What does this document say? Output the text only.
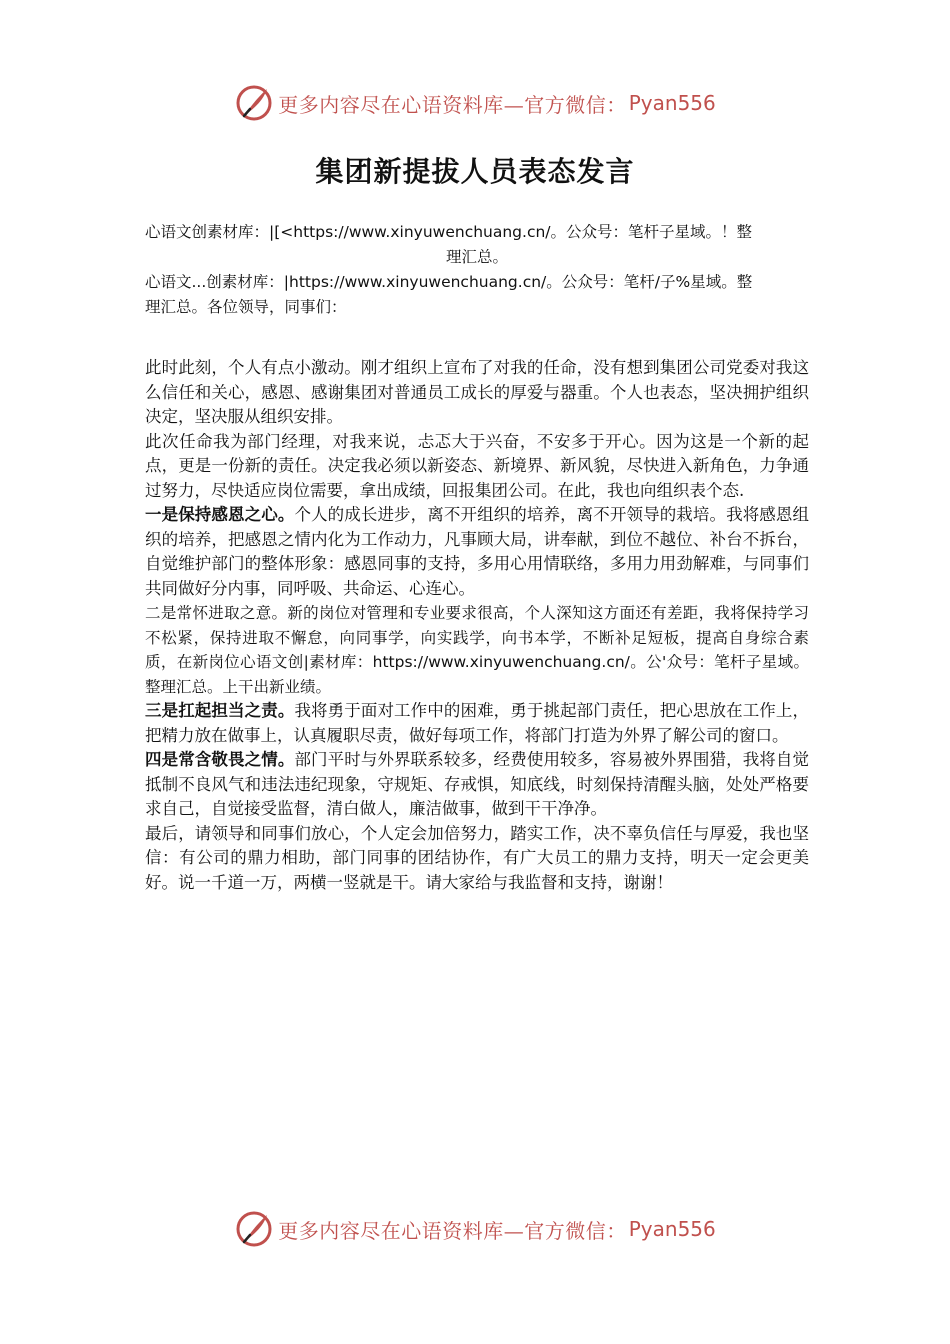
更多内容尽在心语资料库—官方微信： Pyan556
集团新提拔人员表态发言

心语文创素材库：|[<https://www.xinyuwenchuang.cn/。公众号：笔杆子星域。！整

理汇总。

心语文...创素材库：|https://www.xinyuwenchuang.cn/。公众号：笔杆/子%星域。整

理汇总。各位领导，同事们：

此时此刻，个人有点小激动。刚才组织上宣布了对我的任命，没有想到集团公司党委对我这么信任和关心，感恩、感谢集团对普通员工成长的厚爱与器重。个人也表态，坚决拥护组织决定，坚决服从组织安排。

此次任命我为部门经理，对我来说，忐忑大于兴奋，不安多于开心。因为这是一个新的起点，更是一份新的责任。决定我必须以新姿态、新境界、新风貌，尽快进入新角色，力争通过努力，尽快适应岗位需要，拿出成绩，回报集团公司。在此，我也向组织表个态.

一是保持感恩之心。个人的成长进步，离不开组织的培养，离不开领导的栽培。我将感恩组织的培养，把感恩之情内化为工作动力，凡事顾大局，讲奉献，到位不越位、补台不拆台，自觉维护部门的整体形象：感恩同事的支持，多用心用情联络，多用力用劲解难，与同事们共同做好分内事，同呼吸、共命运、心连心。

二是常怀进取之意。新的岗位对管理和专业要求很高，个人深知这方面还有差距，我将保持学习不松紧，保持进取不懈怠，向同事学，向实践学，向书本学，不断补足短板，提高自身综合素质，在新岗位心语文创|素材库：https://www.xinyuwenchuang.cn/。公'众号：笔杆子星域。整理汇总。上干出新业绩。

三是扛起担当之责。我将勇于面对工作中的困难，勇于挑起部门责任，把心思放在工作上，把精力放在做事上，认真履职尽责，做好每项工作，将部门打造为外界了解公司的窗口。

四是常含敬畏之情。部门平时与外界联系较多，经费使用较多，容易被外界围猎，我将自觉抵制不良风气和违法违纪现象，守规矩、存戒惧，知底线，时刻保持清醒头脑，处处严格要求自己，自觉接受监督，清白做人，廉洁做事，做到干干净净。

最后，请领导和同事们放心，个人定会加倍努力，踏实工作，决不辜负信任与厚爱，我也坚信：有公司的鼎力相助，部门同事的团结协作，有广大员工的鼎力支持，明天一定会更美好。说一千道一万，两横一竖就是干。请大家给与我监督和支持，谢谢！

更多内容尽在心语资料库—官方微信： Pyan556
